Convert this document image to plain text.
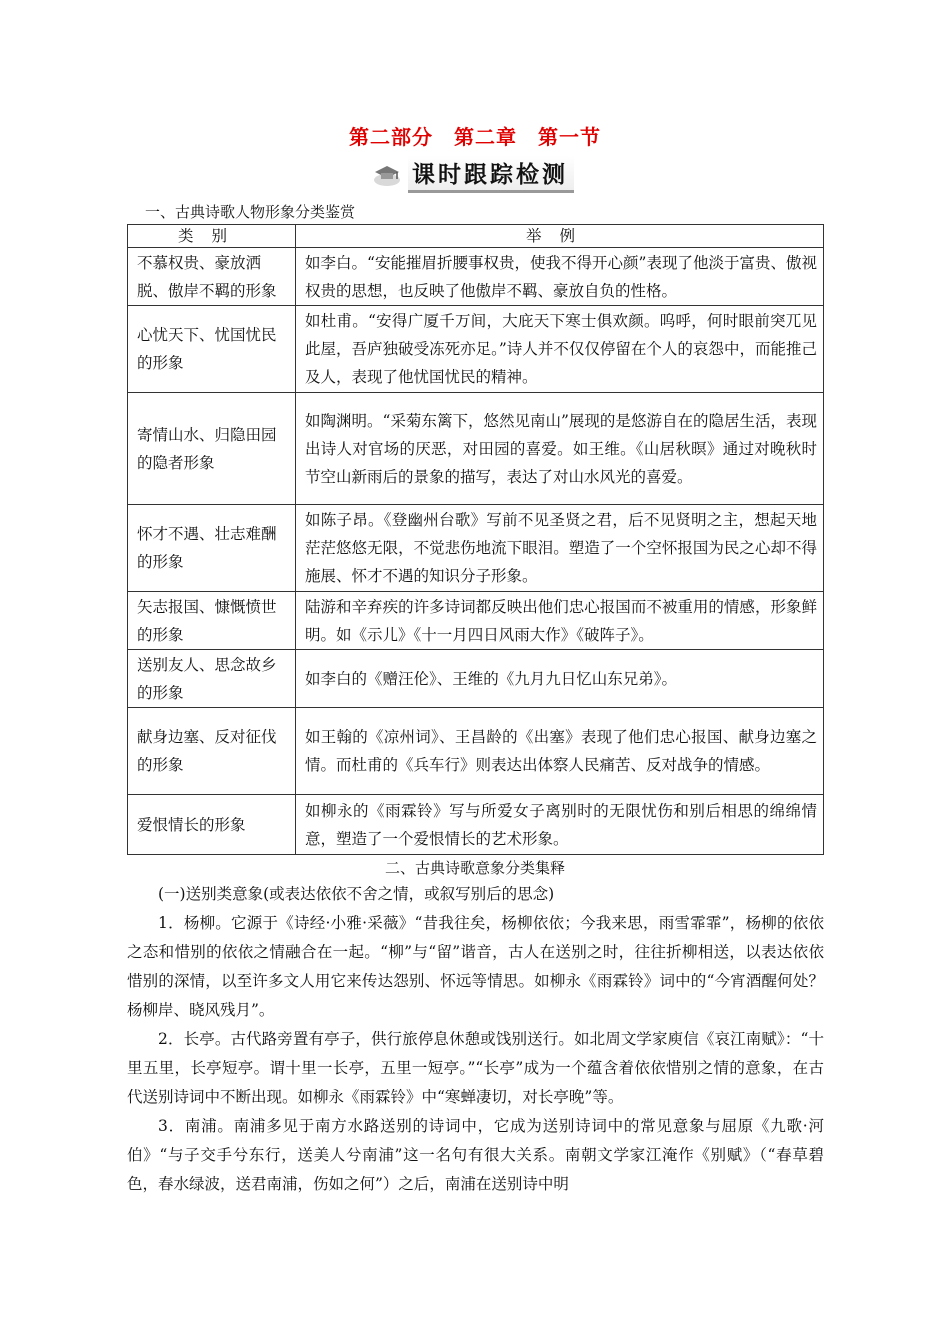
第二部分　第二章　第一节
课时跟踪检测
一、古典诗歌人物形象分类鉴赏
类别	举例
不慕权贵、豪放洒脱、傲岸不羁的形象	如李白。“安能摧眉折腰事权贵，使我不得开心颜”表现了他淡于富贵、傲视权贵的思想，也反映了他傲岸不羁、豪放自负的性格。
心忧天下、忧国忧民的形象	如杜甫。“安得广厦千万间，大庇天下寒士俱欢颜。呜呼，何时眼前突兀见此屋，吾庐独破受冻死亦足。”诗人并不仅仅停留在个人的哀怨中，而能推己及人，表现了他忧国忧民的精神。
寄情山水、归隐田园的隐者形象	如陶渊明。“采菊东篱下，悠然见南山”展现的是悠游自在的隐居生活，表现出诗人对官场的厌恶，对田园的喜爱。如王维。《山居秋暝》通过对晚秋时节空山新雨后的景象的描写，表达了对山水风光的喜爱。
怀才不遇、壮志难酬的形象	如陈子昂。《登幽州台歌》写前不见圣贤之君，后不见贤明之主，想起天地茫茫悠悠无限，不觉悲伤地流下眼泪。塑造了一个空怀报国为民之心却不得施展、怀才不遇的知识分子形象。
矢志报国、慷慨愤世的形象	陆游和辛弃疾的许多诗词都反映出他们忠心报国而不被重用的情感，形象鲜明。如《示儿》《十一月四日风雨大作》《破阵子》。
送别友人、思念故乡的形象	如李白的《赠汪伦》、王维的《九月九日忆山东兄弟》。
献身边塞、反对征伐的形象	如王翰的《凉州词》、王昌龄的《出塞》表现了他们忠心报国、献身边塞之情。而杜甫的《兵车行》则表达出体察人民痛苦、反对战争的情感。
爱恨情长的形象	如柳永的《雨霖铃》写与所爱女子离别时的无限忧伤和别后相思的绵绵情意，塑造了一个爱恨情长的艺术形象。
二、古典诗歌意象分类集释

(一)送别类意象(或表达依依不舍之情，或叙写别后的思念)

1．杨柳。它源于《诗经·小雅·采薇》“昔我往矣，杨柳依依；今我来思，雨雪霏霏”，杨柳的依依之态和惜别的依依之情融合在一起。“柳”与“留”谐音，古人在送别之时，往往折柳相送，以表达依依惜别的深情，以至许多文人用它来传达怨别、怀远等情思。如柳永《雨霖铃》词中的“今宵酒醒何处？杨柳岸、晓风残月”。

2．长亭。古代路旁置有亭子，供行旅停息休憩或饯别送行。如北周文学家庾信《哀江南赋》：“十里五里，长亭短亭。谓十里一长亭，五里一短亭。”“长亭”成为一个蕴含着依依惜别之情的意象，在古代送别诗词中不断出现。如柳永《雨霖铃》中“寒蝉凄切，对长亭晚”等。

3．南浦。南浦多见于南方水路送别的诗词中，它成为送别诗词中的常见意象与屈原《九歌·河伯》“与子交手兮东行，送美人兮南浦”这一名句有很大关系。南朝文学家江淹作《别赋》（“春草碧色，春水绿波，送君南浦，伤如之何”）之后，南浦在送别诗中明
